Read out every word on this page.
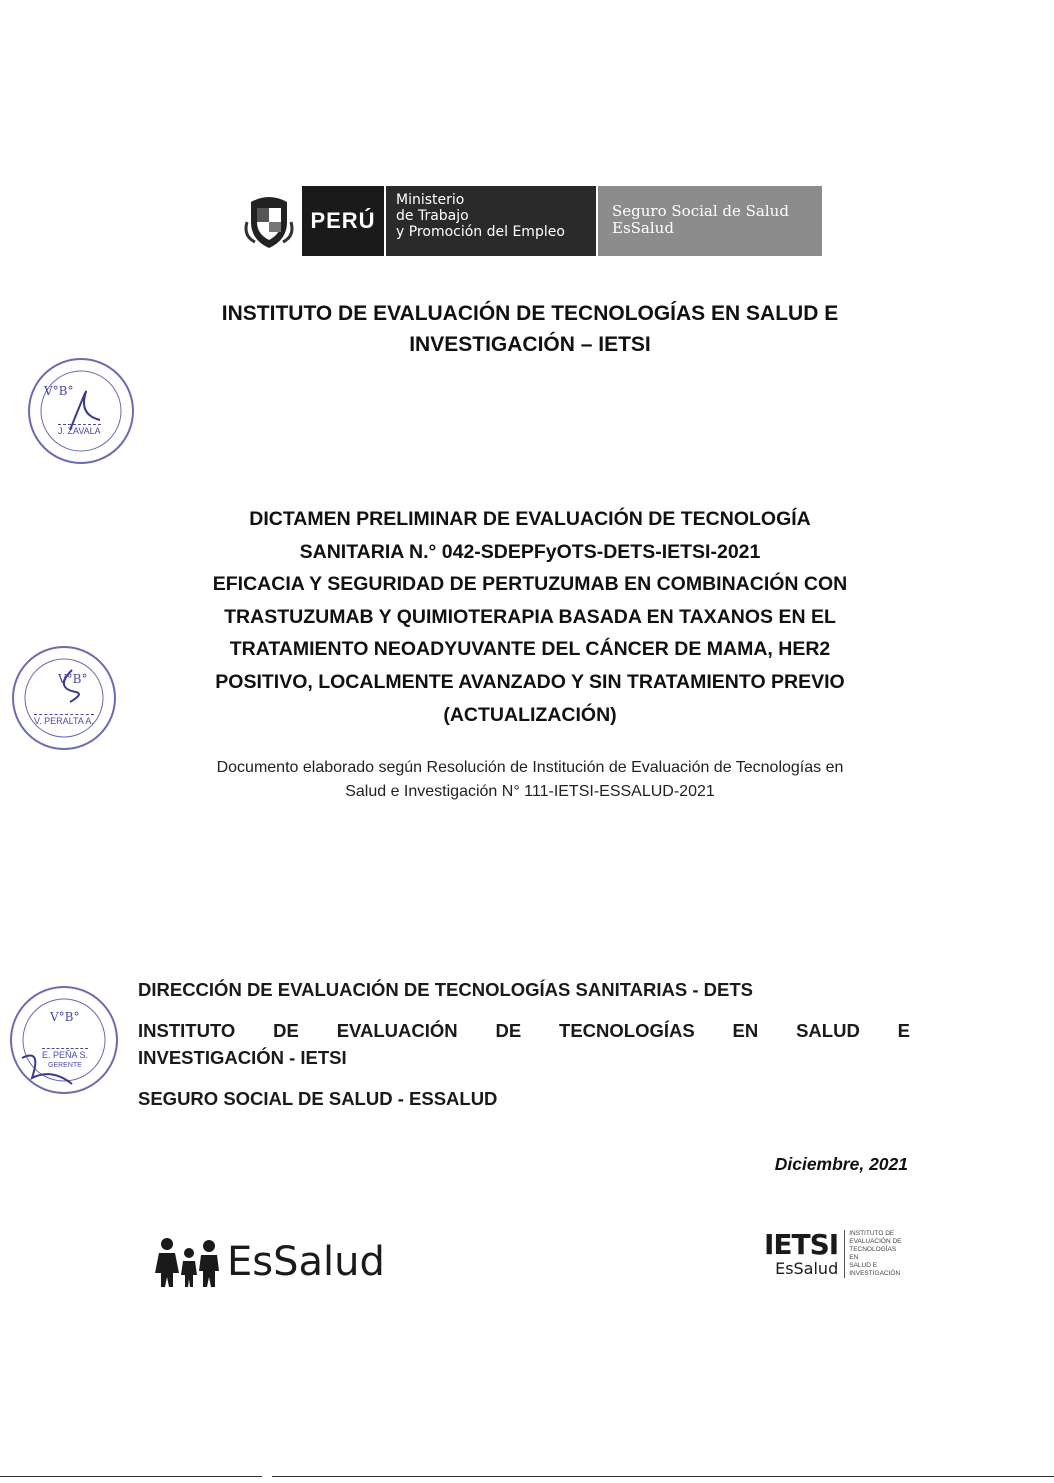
PERÚ
Ministerio
de Trabajo
y Promoción del Empleo
Seguro Social de Salud
EsSalud
INSTITUTO DE EVALUACIÓN DE TECNOLOGÍAS EN SALUD E
INVESTIGACIÓN – IETSI
V°B°
J. ZAVALA
DICTAMEN PRELIMINAR DE EVALUACIÓN DE TECNOLOGÍA
SANITARIA N.° 042-SDEPFyOTS-DETS-IETSI-2021
EFICACIA Y SEGURIDAD DE PERTUZUMAB EN COMBINACIÓN CON
TRASTUZUMAB Y QUIMIOTERAPIA BASADA EN TAXANOS EN EL
TRATAMIENTO NEOADYUVANTE DEL CÁNCER DE MAMA, HER2
POSITIVO, LOCALMENTE AVANZADO Y SIN TRATAMIENTO PREVIO
(ACTUALIZACIÓN)
V°B°
V. PERALTA A.
Documento elaborado según Resolución de Institución de Evaluación de Tecnologías en
Salud e Investigación N° 111-IETSI-ESSALUD-2021
V°B°
E. PEÑA S.
GERENTE
DIRECCIÓN DE EVALUACIÓN DE TECNOLOGÍAS SANITARIAS - DETS
INSTITUTO DE EVALUACIÓN DE TECNOLOGÍAS EN SALUD E
INVESTIGACIÓN - IETSI
SEGURO SOCIAL DE SALUD - ESSALUD
Diciembre, 2021
EsSalud	IETSI
EsSalud
INSTITUTO DE
EVALUACIÓN DE
TECNOLOGÍAS EN
SALUD E
INVESTIGACIÓN
